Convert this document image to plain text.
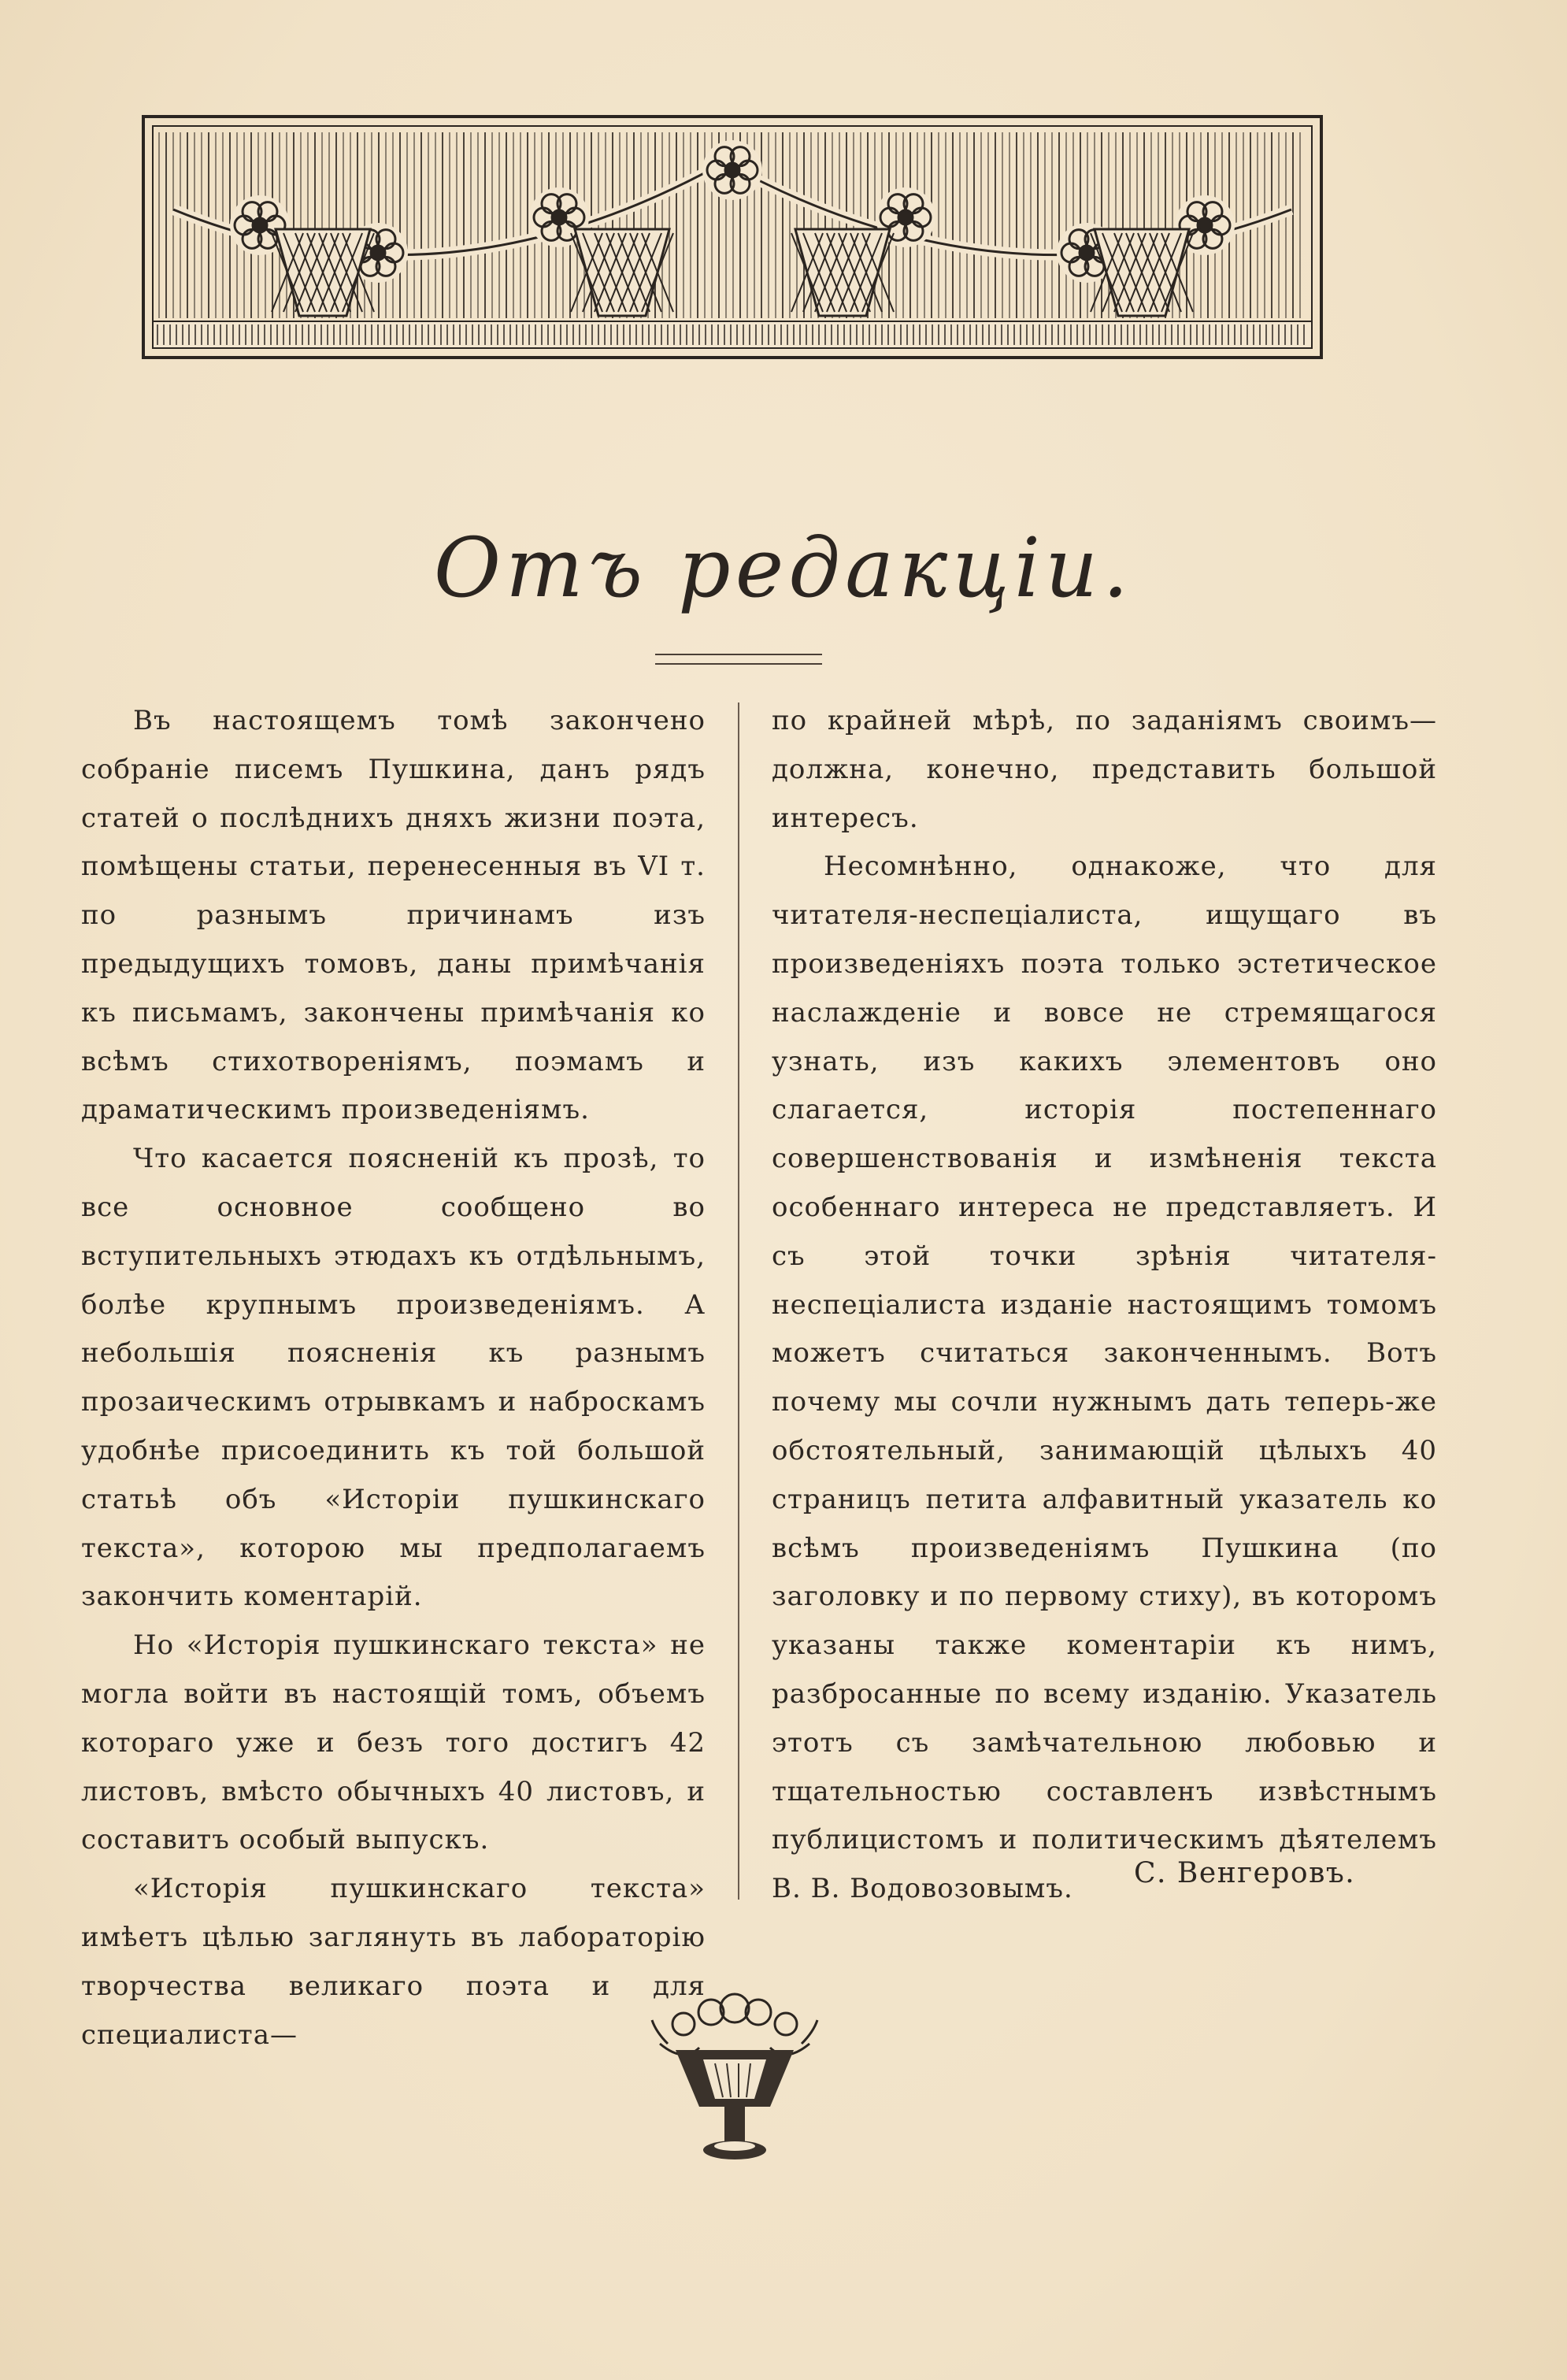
Отъ редакціи.

Въ настоящемъ томѣ закончено собраніе писемъ Пушкина, данъ рядъ статей о послѣднихъ дняхъ жизни поэта, помѣщены статьи, перенесенныя въ VI т. по разнымъ причинамъ изъ предыдущихъ томовъ, даны примѣчанія къ письмамъ, закончены примѣчанія ко всѣмъ стихотвореніямъ, поэмамъ и драматическимъ произведеніямъ.

Что касается поясненій къ прозѣ, то все основное сообщено во вступительныхъ этюдахъ къ отдѣльнымъ, болѣе крупнымъ произведеніямъ. А небольшія поясненія къ разнымъ прозаическимъ отрывкамъ и наброскамъ удобнѣе присоединить къ той большой статьѣ объ «Исторіи пушкинскаго текста», которою мы предполагаемъ закончить коментарій.

Но «Исторія пушкинскаго текста» не могла войти въ настоящій томъ, объемъ котораго уже и безъ того достигъ 42 листовъ, вмѣсто обычныхъ 40 листовъ, и составитъ особый выпускъ.

«Исторія пушкинскаго текста» имѣетъ цѣлью заглянуть въ лабораторію творчества великаго поэта и для специалиста—

по крайней мѣрѣ, по заданіямъ своимъ—должна, конечно, представить большой интересъ.

Несомнѣнно, однакоже, что для читателя-неспеціалиста, ищущаго въ произведеніяхъ поэта только эстетическое наслажденіе и вовсе не стремящагося узнать, изъ какихъ элементовъ оно слагается, исторія постепеннаго совершенствованія и измѣненія текста особеннаго интереса не представляетъ. И съ этой точки зрѣнія читателя-неспеціалиста изданіе настоящимъ томомъ можетъ считаться законченнымъ. Вотъ почему мы сочли нужнымъ дать теперь-же обстоятельный, занимающій цѣлыхъ 40 страницъ петита алфавитный указатель ко всѣмъ произведеніямъ Пушкина (по заголовку и по первому стиху), въ которомъ указаны также коментаріи къ нимъ, разбросанные по всему изданію. Указатель этотъ съ замѣчательною любовью и тщательностью составленъ извѣстнымъ публицистомъ и политическимъ дѣятелемъ В. В. Водовозовымъ.	С. Венгеровъ.
